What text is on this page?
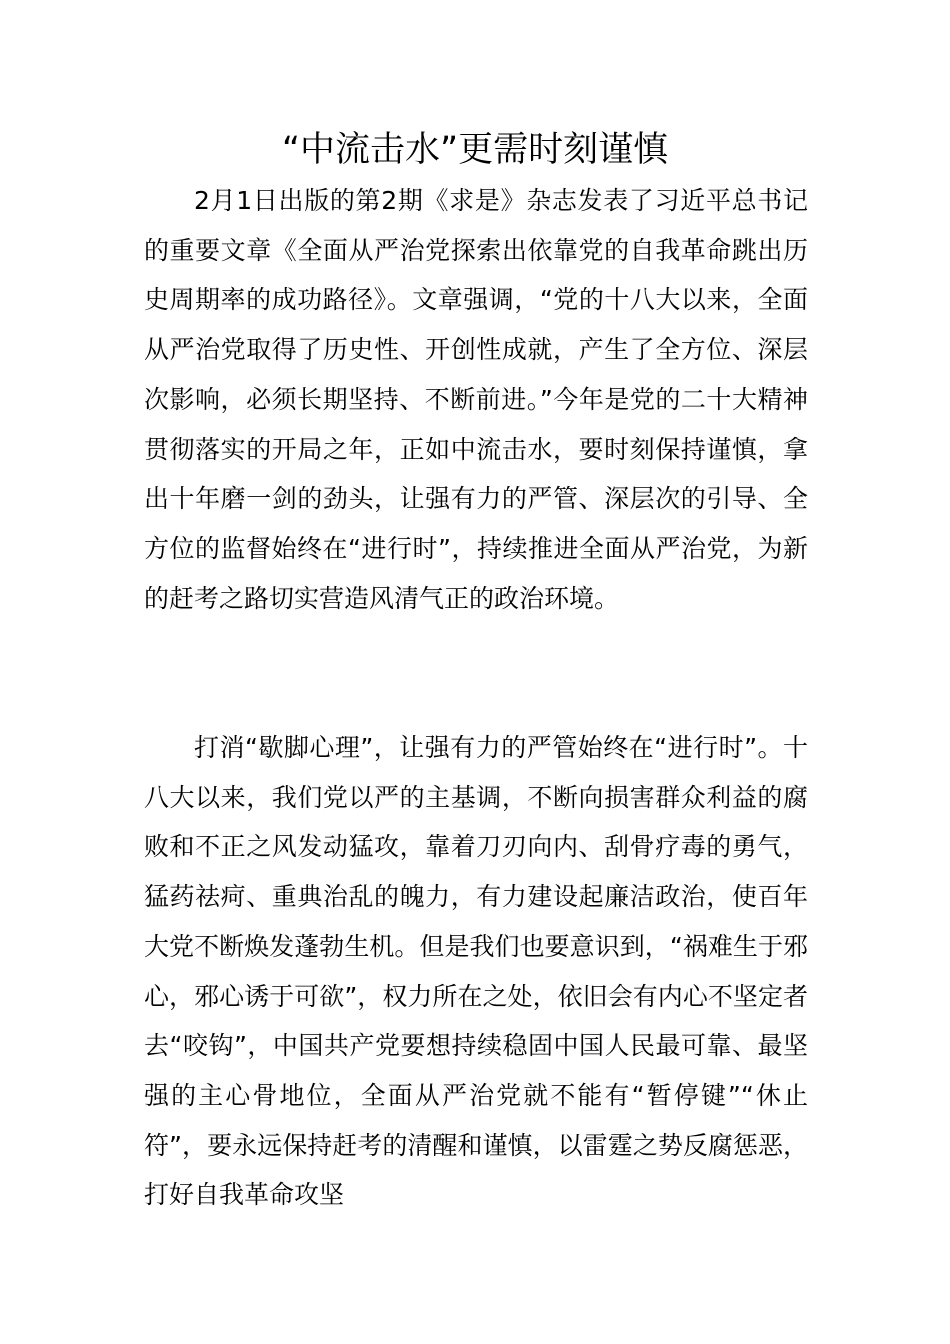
“中流击水”更需时刻谨慎

2月1日出版的第2期《求是》杂志发表了习近平总书记的重要文章《全面从严治党探索出依靠党的自我革命跳出历史周期率的成功路径》。文章强调，“党的十八大以来，全面从严治党取得了历史性、开创性成就，产生了全方位、深层次影响，必须长期坚持、不断前进。”今年是党的二十大精神贯彻落实的开局之年，正如中流击水，要时刻保持谨慎，拿出十年磨一剑的劲头，让强有力的严管、深层次的引导、全方位的监督始终在“进行时”，持续推进全面从严治党，为新的赶考之路切实营造风清气正的政治环境。

打消“歇脚心理”，让强有力的严管始终在“进行时”。十八大以来，我们党以严的主基调，不断向损害群众利益的腐败和不正之风发动猛攻，靠着刀刃向内、刮骨疗毒的勇气，猛药祛疴、重典治乱的魄力，有力建设起廉洁政治，使百年大党不断焕发蓬勃生机。但是我们也要意识到，“祸难生于邪心，邪心诱于可欲”，权力所在之处，依旧会有内心不坚定者去“咬钩”，中国共产党要想持续稳固中国人民最可靠、最坚强的主心骨地位，全面从严治党就不能有“暂停键”“休止符”，要永远保持赶考的清醒和谨慎，以雷霆之势反腐惩恶，打好自我革命攻坚
